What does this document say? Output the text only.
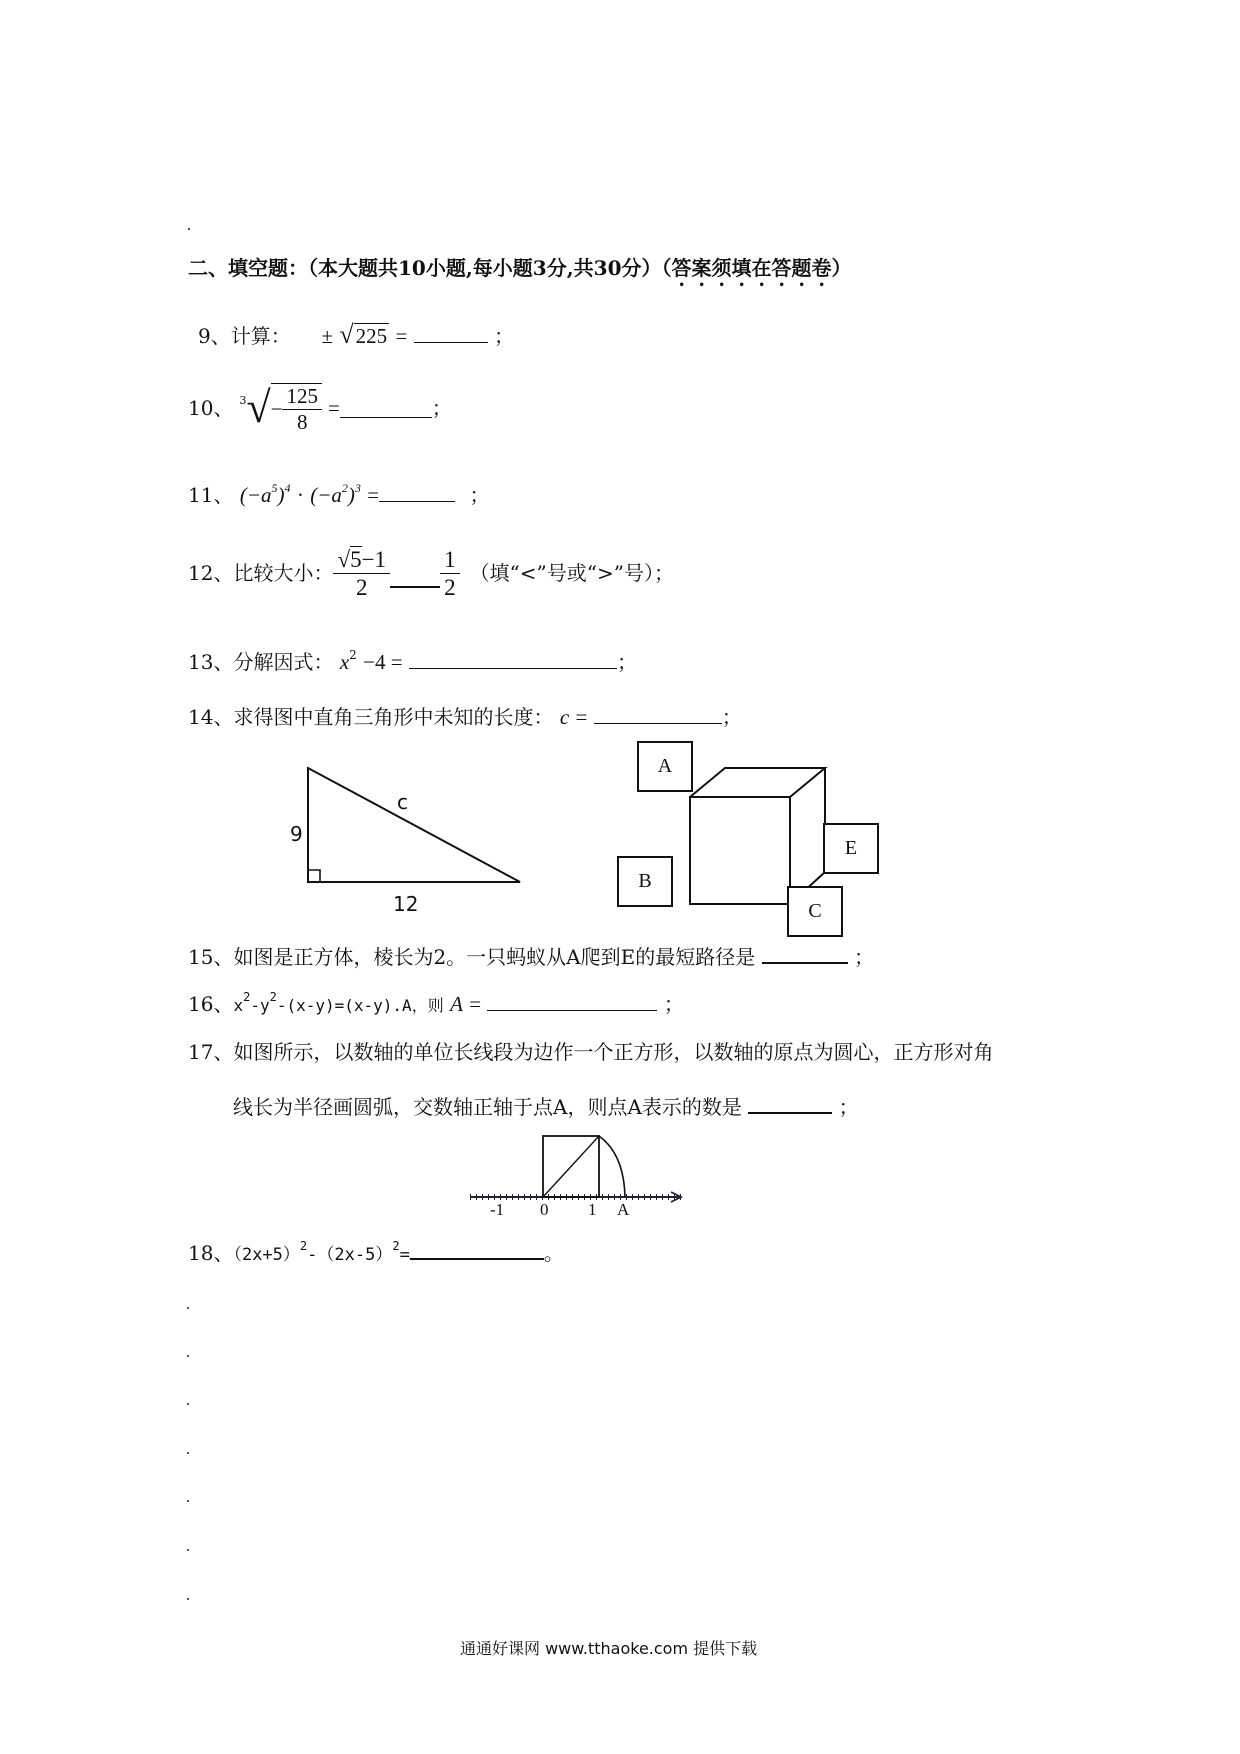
二、填空题：（本大题共10小题,每小题3分,共30分）（答案须填在答题卷）
9、计算： ± √225 =	；
10、 3 √ − $\frac{125}{8}$ =	；
11、 $(-a^5)^4 \cdot (-a^2)^3$ =	；
12、 比较大小： $\frac{√5-1}{2} \frac{1}{2}$ （填“<”号或“>”号）；
13、分解因式： $x^2 -4$ =	；
14、求得图中直角三角形中未知的长度： c =	；
9
12
c
A
B
C
E
15、如图是正方体，棱长为2。一只蚂蚁从A爬到E的最短路径是	；
16、$x^2-y^2-(x-y)=(x-y).A$，则 A =	；
17、如图所示，以数轴的单位长线段为边作一个正方形，以数轴的原点为圆心，正方形对角
线长为半径画圆弧，交数轴正轴于点A，则点A表示的数是	；
-1 0 1 A
18、$(2x+5)^2-(2x-5)^2=$	。
通通好课网 www.tthaoke.com 提供下载
